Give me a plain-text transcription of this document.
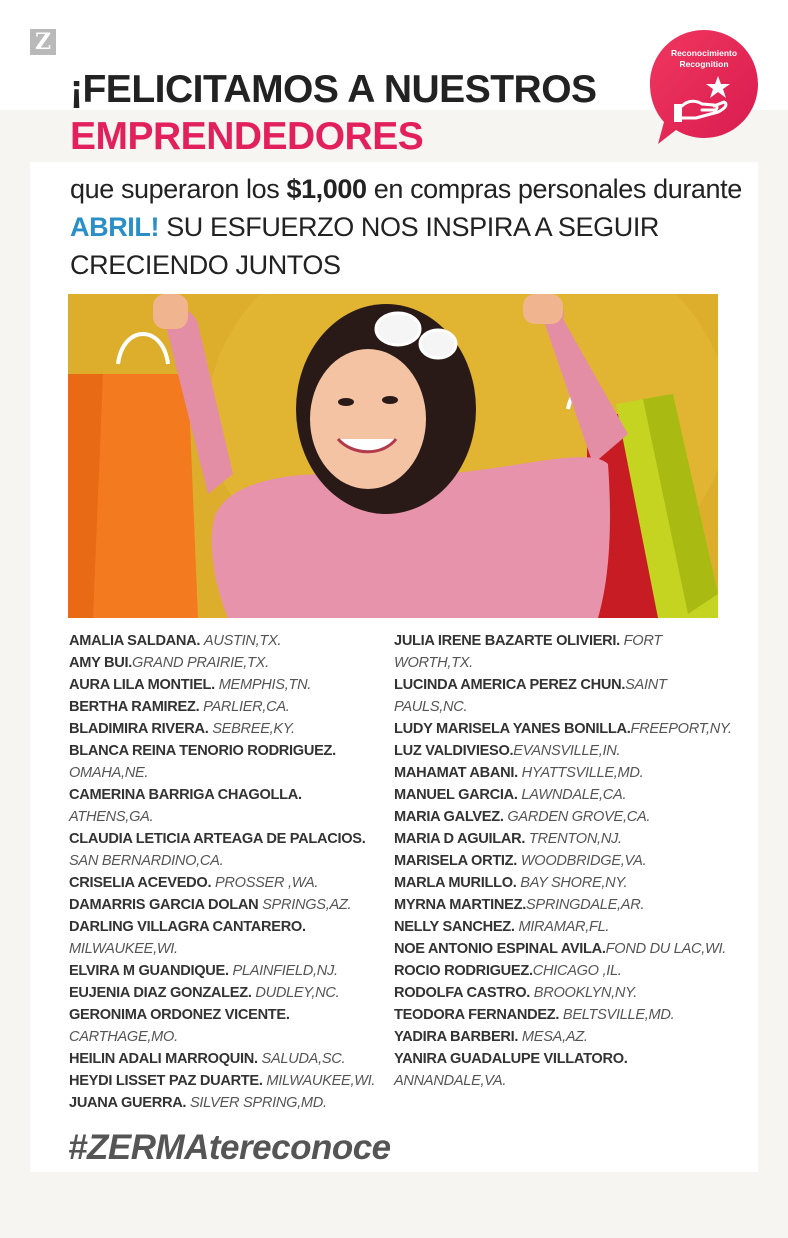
Z
¡FELICITAMOS A NUESTROS
EMPRENDEDORES
que superaron los $1,000 en compras personales durante ABRIL! SU ESFUERZO NOS INSPIRA A SEGUIR CRECIENDO JUNTOS
Reconocimiento
Recognition

AMALIA SALDANA. AUSTIN,TX.

AMY BUI.GRAND PRAIRIE,TX.

AURA LILA MONTIEL. MEMPHIS,TN.

BERTHA RAMIREZ. PARLIER,CA.

BLADIMIRA RIVERA. SEBREE,KY.

BLANCA REINA TENORIO RODRIGUEZ. OMAHA,NE.

CAMERINA BARRIGA CHAGOLLA. ATHENS,GA.

CLAUDIA LETICIA ARTEAGA DE PALACIOS. SAN BERNARDINO,CA.

CRISELIA ACEVEDO. PROSSER ,WA.

DAMARRIS GARCIA DOLAN SPRINGS,AZ.

DARLING VILLAGRA CANTARERO. MILWAUKEE,WI.

ELVIRA M GUANDIQUE. PLAINFIELD,NJ.

EUJENIA DIAZ GONZALEZ. DUDLEY,NC.

GERONIMA ORDONEZ VICENTE. CARTHAGE,MO.

HEILIN ADALI MARROQUIN. SALUDA,SC.

HEYDI LISSET PAZ DUARTE. MILWAUKEE,WI.

JUANA GUERRA. SILVER SPRING,MD.

JULIA IRENE BAZARTE OLIVIERI. FORT WORTH,TX.

LUCINDA AMERICA PEREZ CHUN.SAINT PAULS,NC.

LUDY MARISELA YANES BONILLA.FREEPORT,NY.

LUZ VALDIVIESO.EVANSVILLE,IN.

MAHAMAT ABANI. HYATTSVILLE,MD.

MANUEL GARCIA. LAWNDALE,CA.

MARIA GALVEZ. GARDEN GROVE,CA.

MARIA D AGUILAR. TRENTON,NJ.

MARISELA ORTIZ. WOODBRIDGE,VA.

MARLA MURILLO. BAY SHORE,NY.

MYRNA MARTINEZ.SPRINGDALE,AR.

NELLY SANCHEZ. MIRAMAR,FL.

NOE ANTONIO ESPINAL AVILA.FOND DU LAC,WI.

ROCIO RODRIGUEZ.CHICAGO ,IL.

RODOLFA CASTRO. BROOKLYN,NY.

TEODORA FERNANDEZ. BELTSVILLE,MD.

YADIRA BARBERI. MESA,AZ.

YANIRA GUADALUPE VILLATORO. ANNANDALE,VA.

#ZERMAtereconoce
